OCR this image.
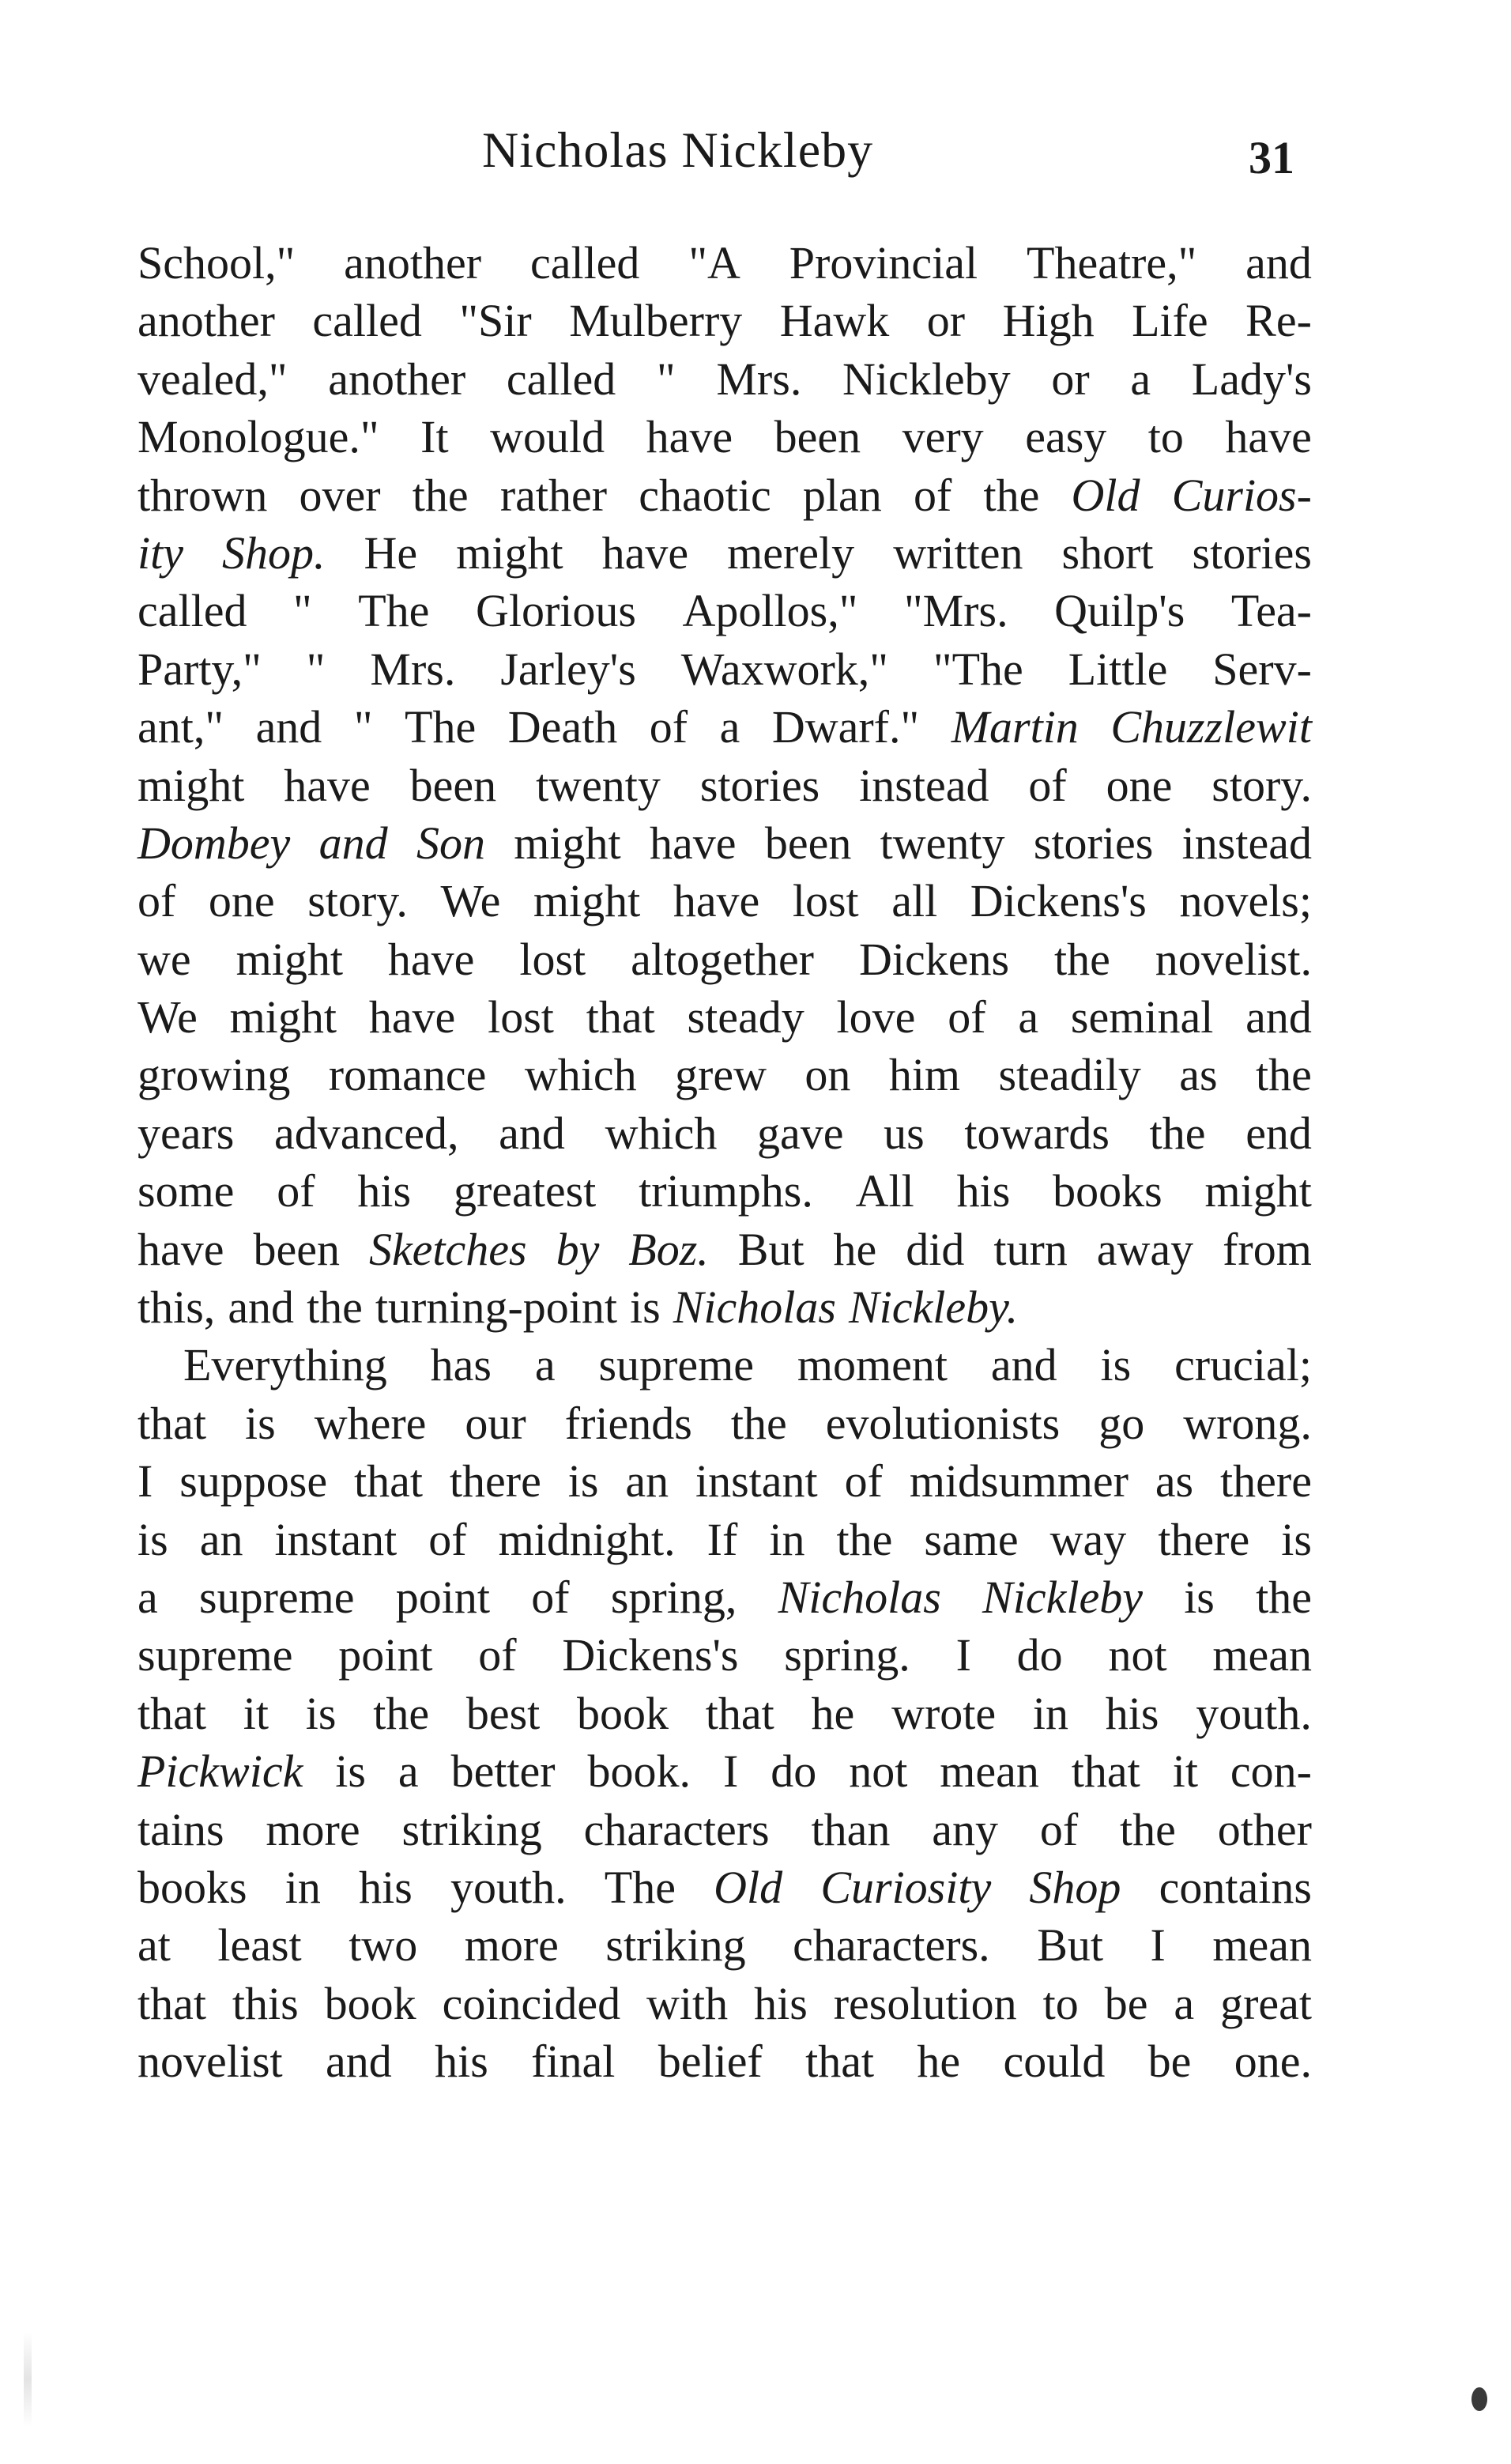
Nicholas Nickleby	31
School," another called "A Provincial Theatre," and
another called "Sir Mulberry Hawk or High Life Re-
vealed," another called " Mrs. Nickleby or a Lady's
Monologue." It would have been very easy to have
thrown over the rather chaotic plan of the Old Curios-
ity Shop. He might have merely written short stories
called " The Glorious Apollos," "Mrs. Quilp's Tea-
Party," " Mrs. Jarley's Waxwork," "The Little Serv-
ant," and " The Death of a Dwarf." Martin Chuzzlewit
might have been twenty stories instead of one story.
Dombey and Son might have been twenty stories instead
of one story. We might have lost all Dickens's novels;
we might have lost altogether Dickens the novelist.
We might have lost that steady love of a seminal and
growing romance which grew on him steadily as the
years advanced, and which gave us towards the end
some of his greatest triumphs. All his books might
have been Sketches by Boz. But he did turn away from
this, and the turning-point is Nicholas Nickleby.
Everything has a supreme moment and is crucial;
that is where our friends the evolutionists go wrong.
I suppose that there is an instant of midsummer as there
is an instant of midnight. If in the same way there is
a supreme point of spring, Nicholas Nickleby is the
supreme point of Dickens's spring. I do not mean
that it is the best book that he wrote in his youth.
Pickwick is a better book. I do not mean that it con-
tains more striking characters than any of the other
books in his youth. The Old Curiosity Shop contains
at least two more striking characters. But I mean
that this book coincided with his resolution to be a great
novelist and his final belief that he could be one.
